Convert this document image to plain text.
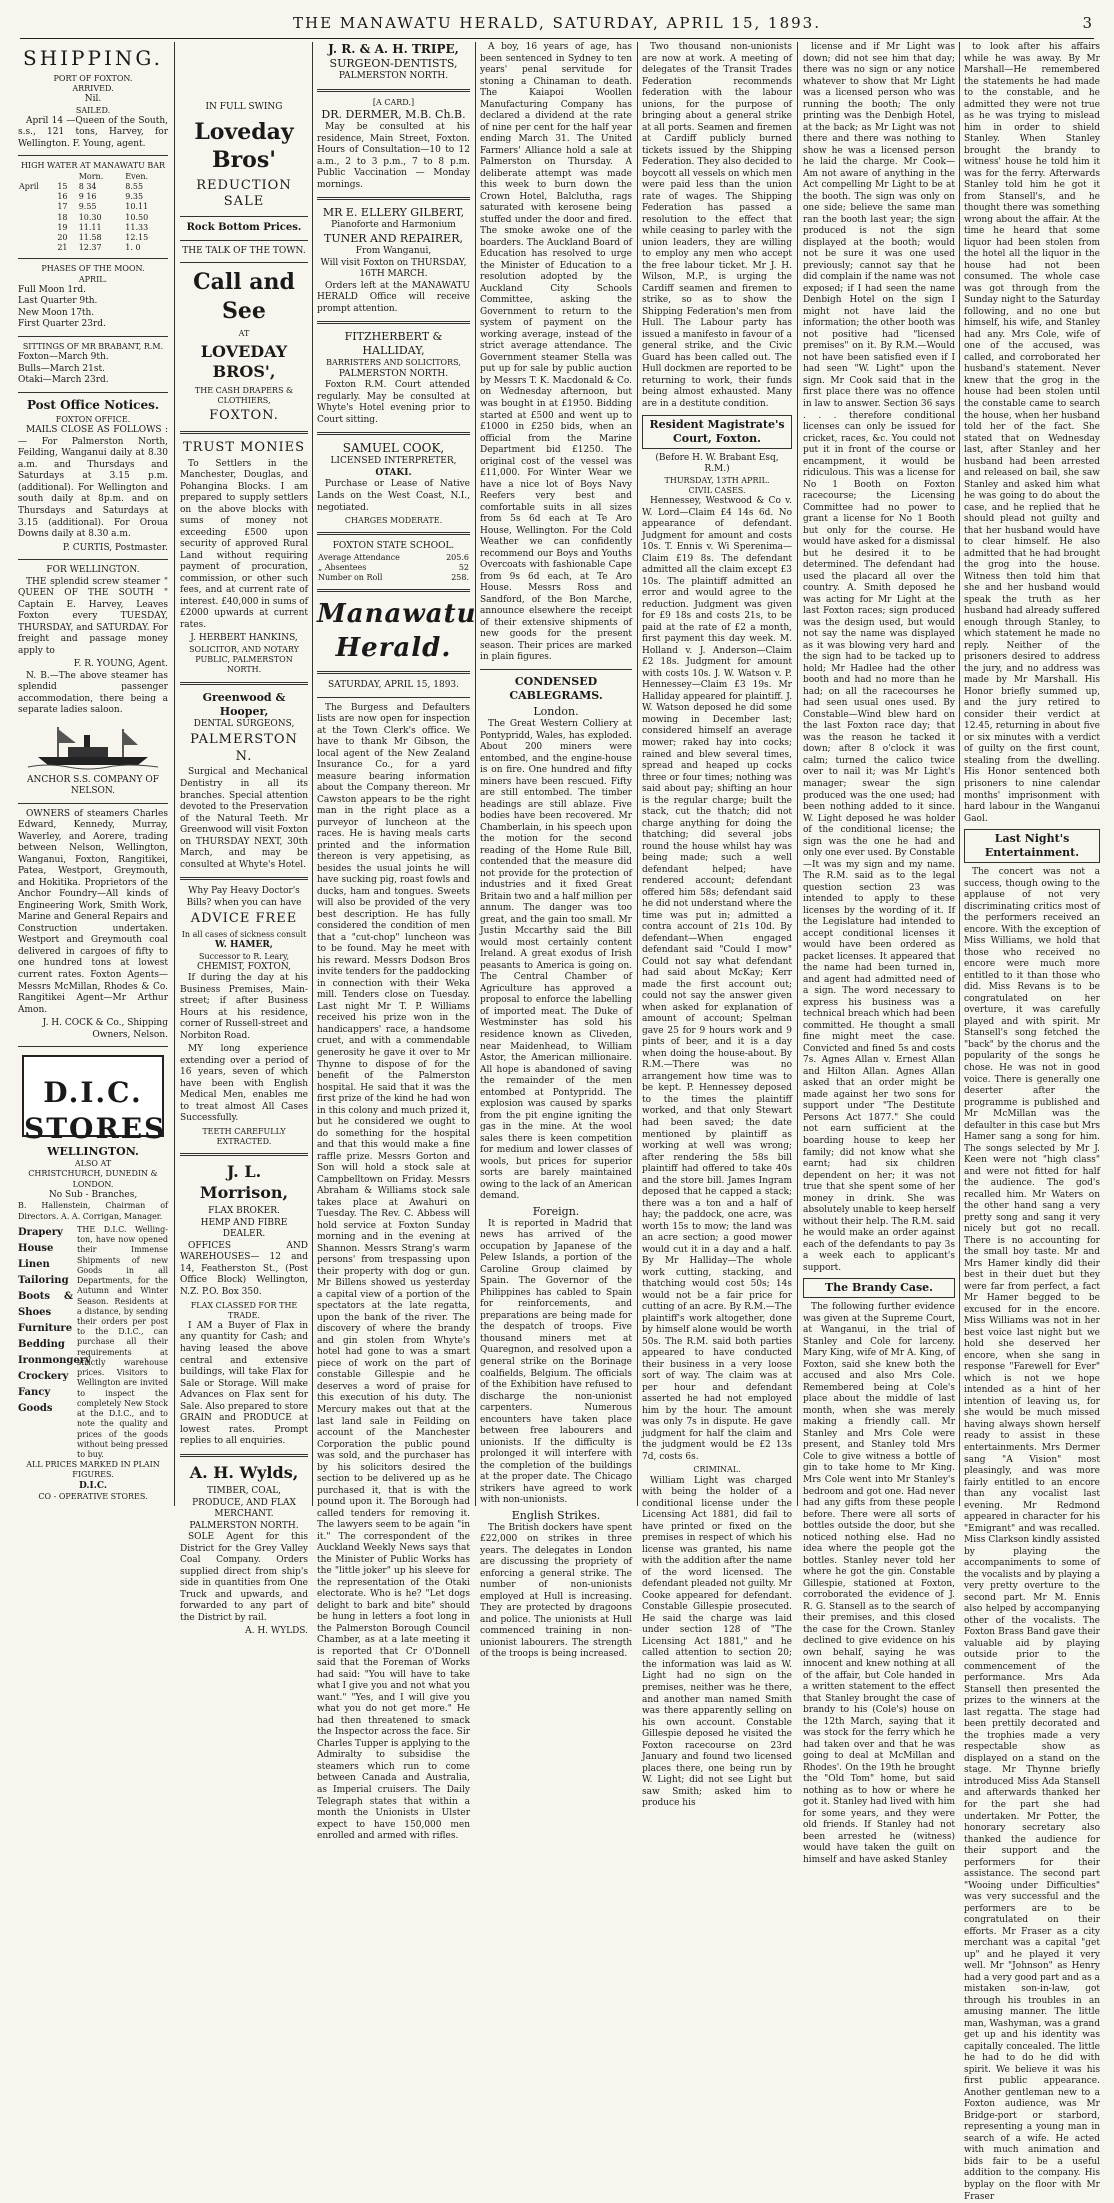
THE MANAWATU HERALD, SATURDAY, APRIL 15, 1893.	3
SHIPPING.
PORT OF FOXTON.
ARRIVED.
Nil.
SAILED.

April 14 —Queen of the South, s.s., 121 tons, Harvey, for Wellington. F. Young, agent.

HIGH WATER AT MANAWATU BAR
		Morn.	Even.
April	15	8 34	8.55
	16	9 16	9.35
	17	9.55	10.11
	18	10.30	10.50
	19	11.11	11.33
	20	11.58	12.15
	21	12.37	1. 0
PHASES OF THE MOON.
APRIL.
Full Moon 1rd.
Last Quarter 9th.
New Moon 17th.
First Quarter 23rd.
SITTINGS OF MR BRABANT, R.M.
Foxton—March 9th.
Bulls—March 21st.
Otaki—March 23rd.
Post Office Notices.
FOXTON OFFICE.

MAILS CLOSE AS FOLLOWS :— For Palmerston North, Feilding, Wanganui daily at 8.30 a.m. and Thursdays and Saturdays at 3.15 p.m. (additional). For Wellington and south daily at 8p.m. and on Thursdays and Saturdays at 3.15 (additional). For Oroua Downs daily at 8.30 a.m.

P. CURTIS, Postmaster.
FOR WELLINGTON.

THE splendid screw steamer " QUEEN OF THE SOUTH " Captain E. Harvey, Leaves Foxton every TUESDAY, THURSDAY, and SATURDAY. For freight and passage money apply to

F. R. YOUNG, Agent.

N. B.—The above steamer has splendid passenger accommodation, there being a separate ladies saloon.

ANCHOR S.S. COMPANY OF NELSON.

OWNERS of steamers Charles Edward, Kennedy, Murray, Waverley, and Aorere, trading between Nelson, Wellington, Wanganui, Foxton, Rangitikei, Patea, Westport, Greymouth, and Hokitika. Proprietors of the Anchor Foundry—All kinds of Engineering Work, Smith Work, Marine and General Repairs and Construction undertaken. Westport and Greymouth coal delivered in cargoes of fifty to one hundred tons at lowest current rates. Foxton Agents—Messrs McMillan, Rhodes & Co. Rangitikei Agent—Mr Arthur Amon.

J. H. COCK & Co., Shipping Owners, Nelson.
D.I.C. STORES
WELLINGTON.
ALSO AT
CHRISTCHURCH, DUNEDIN & LONDON.
No Sub - Branches,
B. Hallenstein, Chairman of Directors. A. A. Corrigan, Manager.
Drapery
House Linen
Tailoring
Boots & Shoes
Furniture
Bedding
Ironmongery
Crockery
Fancy Goods
THE D.I.C. Welling-ton, have now opened their Immense Shipments of new Goods in all Departments, for the Autumn and Winter Season. Residents at a distance, by sending their orders per post to the D.I.C., can purchase all their requirements at strictly warehouse prices. Visitors to Wellington are invited to inspect the completely New Stock at the D.I.C., and to note the quality and prices of the goods without being pressed to buy.
ALL PRICES MARKED IN PLAIN FIGURES.
D.I.C.
CO - OPERATIVE STORES.
IN FULL SWING
Loveday Bros'
REDUCTION SALE
Rock Bottom Prices.
THE TALK OF THE TOWN.
Call and See
AT
LOVEDAY BROS',
THE CASH DRAPERS & CLOTHIERS,
FOXTON.
TRUST MONIES

To Settlers in the Manchester, Douglas, and Pohangina Blocks. I am prepared to supply settlers on the above blocks with sums of money not exceeding £500 upon security of approved Rural Land without requiring payment of procuration, commission, or other such fees, and at current rate of interest. £40,000 in sums of £2000 upwards at current rates.

J. HERBERT HANKINS,
SOLICITOR, AND NOTARY PUBLIC, PALMERSTON NORTH.
Greenwood & Hooper,
DENTAL SURGEONS,
PALMERSTON N.

Surgical and Mechanical Dentistry in all its branches. Special attention devoted to the Preservation of the Natural Teeth. Mr Greenwood will visit Foxton on THURSDAY NEXT, 30th March, and may be consulted at Whyte's Hotel.

Why Pay Heavy Doctor's Bills? when you can have
ADVICE FREE
In all cases of sickness consult
W. HAMER,
Successor to R. Leary,
CHEMIST, FOXTON,

If during the day at his Business Premises, Main-street; if after Business Hours at his residence, corner of Russell-street and Norbiton Road.

MY long experience extending over a period of 16 years, seven of which have been with English Medical Men, enables me to treat almost All Cases Successfully.

TEETH CAREFULLY EXTRACTED.
J. L. Morrison,
FLAX BROKER.
HEMP AND FIBRE DEALER.

OFFICES AND WAREHOUSES— 12 and 14, Featherston St., (Post Office Block) Wellington, N.Z. P.O. Box 350.

FLAX CLASSED FOR THE TRADE.

I AM a Buyer of Flax in any quantity for Cash; and having leased the above central and extensive buildings, will take Flax for Sale or Storage. Will make Advances on Flax sent for Sale. Also prepared to store GRAIN and PRODUCE at lowest rates. Prompt replies to all enquiries.

A. H. Wylds,
TIMBER, COAL, PRODUCE, AND FLAX MERCHANT.
PALMERSTON NORTH.

SOLE Agent for this District for the Grey Valley Coal Company. Orders supplied direct from ship's side in quantities from One Truck and upwards, and forwarded to any part of the District by rail.

A. H. WYLDS.
J. R. & A. H. TRIPE,
SURGEON-DENTISTS,
PALMERSTON NORTH.
[A CARD.]
DR. DERMER, M.B. Ch.B.

May be consulted at his residence, Main Street, Foxton. Hours of Consultation—10 to 12 a.m., 2 to 3 p.m., 7 to 8 p.m. Public Vaccination — Monday mornings.

MR E. ELLERY GILBERT,
Pianoforte and Harmonium
TUNER AND REPAIRER,
From Wanganui,
Will visit Foxton on THURSDAY, 16TH MARCH.

Orders left at the MANAWATU HERALD Office will receive prompt attention.

FITZHERBERT & HALLIDAY,
BARRISTERS AND SOLICITORS,
PALMERSTON NORTH.

Foxton R.M. Court attended regularly. May be consulted at Whyte's Hotel evening prior to Court sitting.

SAMUEL COOK,
LICENSED INTERPRETER,
OTAKI.

Purchase or Lease of Native Lands on the West Coast, N.I., negotiated.

CHARGES MODERATE.
FOXTON STATE SCHOOL.
Average Attendance	205.6
„ Absentees	52
Number on Roll	258.
Manawatu Herald.
SATURDAY, APRIL 15, 1893.

The Burgess and Defaulters lists are now open for inspection at the Town Clerk's office. We have to thank Mr Gibson, the local agent of the New Zealand Insurance Co., for a yard measure bearing information about the Company thereon. Mr Cawston appears to be the right man in the right place as a purveyor of luncheon at the races. He is having meals carts printed and the information thereon is very appetising, as besides the usual joints he will have sucking pig, roast fowls and ducks, ham and tongues. Sweets will also be provided of the very best description. He has fully considered the condition of men that a "cut-chop" luncheon was to be found. May he meet with his reward. Messrs Dodson Bros invite tenders for the paddocking in connection with their Weka mill. Tenders close on Tuesday. Last night Mr T. P. Williams received his prize won in the handicappers' race, a handsome cruet, and with a commendable generosity he gave it over to Mr Thynne to dispose of for the benefit of the Palmerston hospital. He said that it was the first prize of the kind he had won in this colony and much prized it, but he considered we ought to do something for the hospital and that this would make a fine raffle prize. Messrs Gorton and Son will hold a stock sale at Campbelltown on Friday. Messrs Abraham & Williams stock sale takes place at Awahuri on Tuesday. The Rev. C. Abbess will hold service at Foxton Sunday morning and in the evening at Shannon. Messrs Strang's warm persons' from trespassing upon their property with dog or gun. Mr Billens showed us yesterday a capital view of a portion of the spectators at the late regatta, upon the bank of the river. The discovery of where the brandy and gin stolen from Whyte's hotel had gone to was a smart piece of work on the part of constable Gillespie and he deserves a word of praise for this execution of his duty. The Mercury makes out that at the last land sale in Feilding on account of the Manchester Corporation the public pound was sold, and the purchaser has by his solicitors desired the section to be delivered up as he purchased it, that is with the pound upon it. The Borough had called tenders for removing it. The lawyers seem to be again "in it." The correspondent of the Auckland Weekly News says that the Minister of Public Works has the "little joker" up his sleeve for the representation of the Otaki electorate. Who is he? "Let dogs delight to bark and bite" should be hung in letters a foot long in the Palmerston Borough Council Chamber, as at a late meeting it is reported that Cr O'Donnell said that the Foreman of Works had said: "You will have to take what I give you and not what you want." "Yes, and I will give you what you do not get more." He had then threatened to smack the Inspector across the face. Sir Charles Tupper is applying to the Admiralty to subsidise the steamers which run to come between Canada and Australia, as Imperial cruisers. The Daily Telegraph states that within a month the Unionists in Ulster expect to have 150,000 men enrolled and armed with rifles.

A boy, 16 years of age, has been sentenced in Sydney to ten years' penal servitude for stoning a Chinaman to death. The Kaiapoi Woollen Manufacturing Company has declared a dividend at the rate of nine per cent for the half year ending March 31. The United Farmers' Alliance hold a sale at Palmerston on Thursday. A deliberate attempt was made this week to burn down the Crown Hotel, Balclutha, rags saturated with kerosene being stuffed under the door and fired. The smoke awoke one of the boarders. The Auckland Board of Education has resolved to urge the Minister of Education to a resolution adopted by the Auckland City Schools Committee, asking the Government to return to the system of payment on the working average, instead of the strict average attendance. The Government steamer Stella was put up for sale by public auction by Messrs T. K. Macdonald & Co. on Wednesday afternoon, but was bought in at £1950. Bidding started at £500 and went up to £1000 in £250 bids, when an official from the Marine Department bid £1250. The original cost of the vessel was £11,000. For Winter Wear we have a nice lot of Boys Navy Reefers very best and comfortable suits in all sizes from 5s 6d each at Te Aro House, Wellington. For the Cold Weather we can confidently recommend our Boys and Youths Overcoats with fashionable Cape from 9s 6d each, at Te Aro House. Messrs Ross and Sandford, of the Bon Marche, announce elsewhere the receipt of their extensive shipments of new goods for the present season. Their prices are marked in plain figures.

CONDENSED CABLEGRAMS.
London.

The Great Western Colliery at Pontypridd, Wales, has exploded. About 200 miners were entombed, and the engine-house is on fire. One hundred and fifty miners have been rescued. Fifty are still entombed. The timber headings are still ablaze. Five bodies have been recovered. Mr Chamberlain, in his speech upon the motion for the second reading of the Home Rule Bill, contended that the measure did not provide for the protection of industries and it fixed Great Britain two and a half million per annum. The danger was too great, and the gain too small. Mr Justin Mccarthy said the Bill would most certainly content Ireland. A great exodus of Irish peasants to America is going on. The Central Chamber of Agriculture has approved a proposal to enforce the labelling of imported meat. The Duke of Westminster has sold his residence known as Cliveden, near Maidenhead, to William Astor, the American millionaire. All hope is abandoned of saving the remainder of the men entombed at Pontypridd. The explosion was caused by sparks from the pit engine igniting the gas in the mine. At the wool sales there is keen competition for medium and lower classes of wools, but prices for superior sorts are barely maintained owing to the lack of an American demand.

Foreign.

It is reported in Madrid that news has arrived of the occupation by Japanese of the Pelew Islands, a portion of the Caroline Group claimed by Spain. The Governor of the Philippines has cabled to Spain for reinforcements, and preparations are being made for the despatch of troops. Five thousand miners met at Quaregnon, and resolved upon a general strike on the Borinage coalfields, Belgium. The officials of the Exhibition have refused to discharge the non-unionist carpenters. Numerous encounters have taken place between free labourers and unionists. If the difficulty is prolonged it will interfere with the completion of the buildings at the proper date. The Chicago strikers have agreed to work with non-unionists.

English Strikes.

The British dockers have spent £22,000 on strikes in three years. The delegates in London are discussing the propriety of enforcing a general strike. The number of non-unionists employed at Hull is increasing. They are protected by dragoons and police. The unionists at Hull commenced training in non-unionist labourers. The strength of the troops is being increased.

Two thousand non-unionists are now at work. A meeting of delegates of the Transit Trades Federation recommends federation with the labour unions, for the purpose of bringing about a general strike at all ports. Seamen and firemen at Cardiff publicly burned tickets issued by the Shipping Federation. They also decided to boycott all vessels on which men were paid less than the union rate of wages. The Shipping Federation has passed a resolution to the effect that while ceasing to parley with the union leaders, they are willing to employ any men who accept the free labour ticket. Mr J. H. Wilson, M.P., is urging the Cardiff seamen and firemen to strike, so as to show the Shipping Federation's men from Hull. The Labour party has issued a manifesto in favour of a general strike, and the Civic Guard has been called out. The Hull dockmen are reported to be returning to work, their funds being almost exhausted. Many are in a destitute condition.

Resident Magistrate's Court, Foxton.
(Before H. W. Brabant Esq, R.M.)
THURSDAY, 13TH APRIL.
CIVIL CASES.

Hennessey, Westwood & Co v. W. Lord—Claim £4 14s 6d. No appearance of defendant. Judgment for amount and costs 10s. T. Ennis v. Wi Sperenima—Claim £19 8s. The defendant admitted all the claim except £3 10s. The plaintiff admitted an error and would agree to the reduction. Judgment was given for £9 18s and costs 21s, to be paid at the rate of £2 a month, first payment this day week. M. Holland v. J. Anderson—Claim £2 18s. Judgment for amount with costs 10s. J. W. Watson v. P. Hennessey—Claim £3 19s. Mr Halliday appeared for plaintiff. J. W. Watson deposed he did some mowing in December last; considered himself an average mower; raked hay into cocks; rained and blew several times, spread and heaped up cocks three or four times; nothing was said about pay; shifting an hour is the regular charge; built the stack, cut the thatch; did not charge anything for doing the thatching; did several jobs round the house whilst hay was being made; such a well defendant helped; have rendered account; defendant offered him 58s; defendant said he did not understand where the time was put in; admitted a contra account of 21s 10d. By defendant—When engaged defendant said "Could I mow" Could not say what defendant had said about McKay; Kerr made the first account out; could not say the answer given when asked for explanation of amount of account; Spelman gave 25 for 9 hours work and 9 pints of beer, and it is a day when doing the house-about. By R.M.—There was no arrangement how time was to be kept. P. Hennessey deposed to the times the plaintiff worked, and that only Stewart had been saved; the date mentioned by plaintiff as working at well was wrong; after rendering the 58s bill plaintiff had offered to take 40s and the store bill. James Ingram deposed that he capped a stack; there was a ton and a half of hay; the paddock, one acre, was worth 15s to mow; the land was an acre section; a good mower would cut it in a day and a half. By Mr Halliday—The whole work cutting, stacking, and thatching would cost 50s; 14s would not be a fair price for cutting of an acre. By R.M.—The plaintiff's work altogether, done by himself alone would be worth 50s. The R.M. said both parties appeared to have conducted their business in a very loose sort of way. The claim was at per hour and defendant asserted he had not employed him by the hour. The amount was only 7s in dispute. He gave judgment for half the claim and the judgment would be £2 13s 7d, costs 6s.

CRIMINAL.

William Light was charged with being the holder of a conditional license under the Licensing Act 1881, did fail to have printed or fixed on the premises in respect of which his license was granted, his name with the addition after the name of the word licensed. The defendant pleaded not guilty. Mr Cooke appeared for defendant. Constable Gillespie prosecuted. He said the charge was laid under section 128 of "The Licensing Act 1881," and he called attention to section 20; the information was laid as W. Light had no sign on the premises, neither was he there, and another man named Smith was there apparently selling on his own account. Constable Gillespie deposed he visited the Foxton racecourse on 23rd January and found two licensed places there, one being run by W. Light; did not see Light but saw Smith; asked him to produce his

license and if Mr Light was down; did not see him that day; there was no sign or any notice whatever to show that Mr Light was a licensed person who was running the booth; The only printing was the Denbigh Hotel, at the back; as Mr Light was not there and there was nothing to show he was a licensed person he laid the charge. Mr Cook—Am not aware of anything in the Act compelling Mr Light to be at the booth. The sign was only on one side; believe the same man ran the booth last year; the sign produced is not the sign displayed at the booth; would not be sure it was one used previously; cannot say that he did complain if the name was not exposed; if I had seen the name Denbigh Hotel on the sign I might not have laid the information; the other booth was not positive had "licensed premises" on it. By R.M.—Would not have been satisfied even if I had seen "W. Light" upon the sign. Mr Cook said that in the first place there was no offence in law to answer. Section 36 says . . . therefore conditional licenses can only be issued for cricket, races, &c. You could not put it in front of the course or encampment, it would be ridiculous. This was a license for No 1 Booth on Foxton racecourse; the Licensing Committee had no power to grant a license for No 1 Booth but only for the course. He would have asked for a dismissal but he desired it to be determined. The defendant had used the placard all over the country. A. Smith deposed he was acting for Mr Light at the last Foxton races; sign produced was the design used, but would not say the name was displayed as it was blowing very hard and the sign had to be tacked up to hold; Mr Hadlee had the other booth and had no more than he had; on all the racecourses he had seen usual ones used. By Constable—Wind blew hard on the last Foxton race day; that was the reason he tacked it down; after 8 o'clock it was calm; turned the calico twice over to nail it; was Mr Light's manager; swear the sign produced was the one used; had been nothing added to it since. W. Light deposed he was holder of the conditional license; the sign was the one he had and only one ever used. By Constable—It was my sign and my name. The R.M. said as to the legal question section 23 was intended to apply to these licenses by the wording of it. If the Legislature had intended to accept conditional licenses it would have been ordered as packet licenses. It appeared that the name had been turned in, and agent had admitted need of a sign. The word necessary to express his business was a technical breach which had been committed. He thought a small fine might meet the case. Convicted and fined 5s and costs 7s. Agnes Allan v. Ernest Allan and Hilton Allan. Agnes Allan asked that an order might be made against her two sons for support under "The Destitute Persons Act 1877." She could not earn sufficient at the boarding house to keep her family; did not know what she earnt; had six children dependent on her; it was not true that she spent some of her money in drink. She was absolutely unable to keep herself without their help. The R.M. said he would make an order against each of the defendants to pay 3s a week each to applicant's support.

The Brandy Case.

The following further evidence was given at the Supreme Court, at Wanganui, in the trial of Stanley and Cole for larceny. Mary King, wife of Mr A. King, of Foxton, said she knew both the accused and also Mrs Cole. Remembered being at Cole's place about the middle of last month, when she was merely making a friendly call. Mr Stanley and Mrs Cole were present, and Stanley told Mrs Cole to give witness a bottle of gin to take home to Mr King. Mrs Cole went into Mr Stanley's bedroom and got one. Had never had any gifts from these people before. There were all sorts of bottles outside the door, but she noticed nothing else. Had no idea where the people got the bottles. Stanley never told her where he got the gin. Constable Gillespie, stationed at Foxton, corroborated the evidence of J. R. G. Stansell as to the search of their premises, and this closed the case for the Crown. Stanley declined to give evidence on his own behalf, saying he was innocent and knew nothing at all of the affair, but Cole handed in a written statement to the effect that Stanley brought the case of brandy to his (Cole's) house on the 12th March, saying that it was stock for the ferry which he had taken over and that he was going to deal at McMillan and Rhodes'. On the 19th he brought the "Old Tom" home, but said nothing as to how or where he got it. Stanley had lived with him for some years, and they were old friends. If Stanley had not been arrested he (witness) would have taken the guilt on himself and have asked Stanley

to look after his affairs while he was away. By Mr Marshall—He remembered the statements he had made to the constable, and he admitted they were not true as he was trying to mislead him in order to shield Stanley. When Stanley brought the brandy to witness' house he told him it was for the ferry. Afterwards Stanley told him he got it from Stansell's, and he thought there was something wrong about the affair. At the time he heard that some liquor had been stolen from the hotel all the liquor in the house had not been consumed. The whole case was got through from the Sunday night to the Saturday following, and no one but himself, his wife, and Stanley had any. Mrs Cole, wife of one of the accused, was called, and corroborated her husband's statement. Never knew that the grog in the house had been stolen until the constable came to search the house, when her husband told her of the fact. She stated that on Wednesday last, after Stanley and her husband had been arrested and released on bail, she saw Stanley and asked him what he was going to do about the case, and he replied that he should plead not guilty and that her husband would have to clear himself. He also admitted that he had brought the grog into the house. Witness then told him that she and her husband would speak the truth as her husband had already suffered enough through Stanley, to which statement he made no reply. Neither of the prisoners desired to address the jury, and no address was made by Mr Marshall. His Honor briefly summed up, and the jury retired to consider their verdict at 12.45, returning in about five or six minutes with a verdict of guilty on the first count, stealing from the dwelling. His Honor sentenced both prisoners to nine calendar months' imprisonment with hard labour in the Wanganui Gaol.

Last Night's Entertainment.

The concert was not a success, though owing to the applause of not very discriminating critics most of the performers received an encore. With the exception of Miss Williams, we hold that those who received no encore were much more entitled to it than those who did. Miss Revans is to be congratulated on her overture, it was carefully played and with spirit. Mr Stansell's song fetched the "back" by the chorus and the popularity of the songs he chose. He was not in good voice. There is generally one deserter after the programme is published and Mr McMillan was the defaulter in this case but Mrs Hamer sang a song for him. The songs selected by Mr J. Keen were not "high class" and were not fitted for half the audience. The god's recalled him. Mr Waters on the other hand sang a very pretty song and sang it very nicely but got no recall. There is no accounting for the small boy taste. Mr and Mrs Hamer kindly did their best in their duet but they were far from perfect, a fact Mr Hamer begged to be excused for in the encore. Miss Williams was not in her best voice last night but we hold she deserved her encore, when she sang in response "Farewell for Ever" which is not we hope intended as a hint of her intention of leaving us, for she would be much missed having always shown herself ready to assist in these entertainments. Mrs Dermer sang "A Vision" most pleasingly, and was more fairly entitled to an encore than any vocalist last evening. Mr Redmond appeared in character for his "Emigrant" and was recalled. Miss Clarkson kindly assisted by playing the accompaniments to some of the vocalists and by playing a very pretty overture to the second part. Mr M. Ennis also helped by accompanying other of the vocalists. The Foxton Brass Band gave their valuable aid by playing outside prior to the commencement of the performance. Mrs Ada Stansell then presented the prizes to the winners at the last regatta. The stage had been prettily decorated and the trophies made a very respectable show as displayed on a stand on the stage. Mr Thynne briefly introduced Miss Ada Stansell and afterwards thanked her for the part she had undertaken. Mr Potter, the honorary secretary also thanked the audience for their support and the performers for their assistance. The second part "Wooing under Difficulties" was very successful and the performers are to be congratulated on their efforts. Mr Fraser as a city merchant was a capital "get up" and he played it very well. Mr "Johnson" as Henry had a very good part and as a mistaken son-in-law, got through his troubles in an amusing manner. The little man, Washyman, was a grand get up and his identity was capitally concealed. The little he had to do he did with spirit. We believe it was his first public appearance. Another gentleman new to a Foxton audience, was Mr Bridge-port or starbord, representing a young man in search of a wife. He acted with much animation and bids fair to be a useful addition to the company. His byplay on the floor with Mr Fraser
